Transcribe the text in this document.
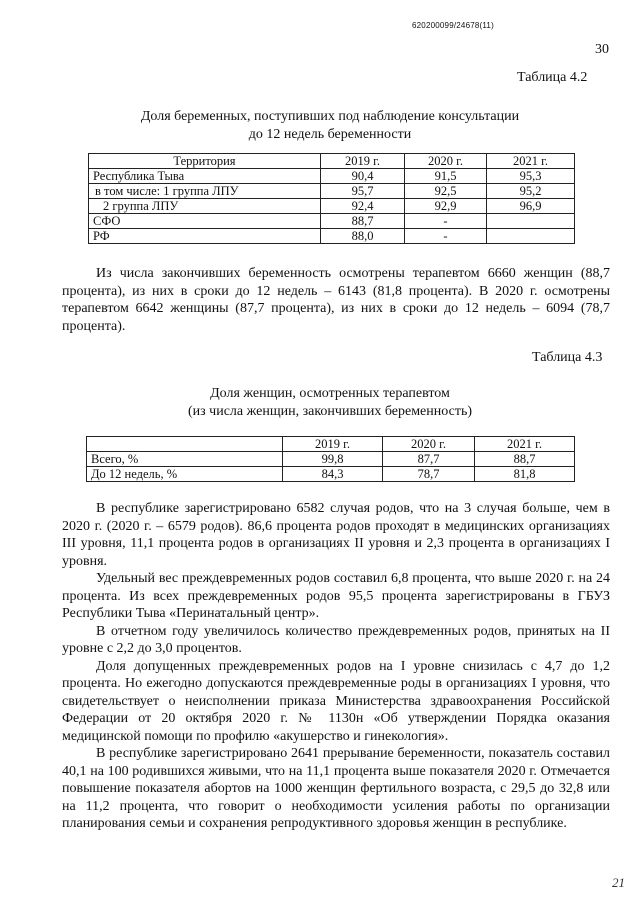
620200099/24678(11)
30
Таблица 4.2
Доля беременных, поступивших под наблюдение консультации
до 12 недель беременности
Территория	2019 г.	2020 г.	2021 г.
Республика Тыва	90,4	91,5	95,3
в том числе: 1 группа ЛПУ	95,7	92,5	95,2
2 группа ЛПУ	92,4	92,9	96,9
СФО	88,7	-	
РФ	88,0	-	

Из числа закончивших беременность осмотрены терапевтом 6660 женщин (88,7 процента), из них в сроки до 12 недель – 6143 (81,8 процента). В 2020 г. осмотрены терапевтом 6642 женщины (87,7 процента), из них в сроки до 12 недель – 6094 (78,7 процента).

Таблица 4.3
Доля женщин, осмотренных терапевтом
(из числа женщин, закончивших беременность)
	2019 г.	2020 г.	2021 г.
Всего, %	99,8	87,7	88,7
До 12 недель, %	84,3	78,7	81,8

В республике зарегистрировано 6582 случая родов, что на 3 случая больше, чем в 2020 г. (2020 г. – 6579 родов). 86,6 процента родов проходят в медицинских организациях III уровня, 11,1 процента родов в организациях II уровня и 2,3 процента в организациях I уровня.

Удельный вес преждевременных родов составил 6,8 процента, что выше 2020 г. на 24 процента. Из всех преждевременных родов 95,5 процента зарегистрированы в ГБУЗ Республики Тыва «Перинатальный центр».

В отчетном году увеличилось количество преждевременных родов, принятых на II уровне с 2,2 до 3,0 процентов.

Доля допущенных преждевременных родов на I уровне снизилась с 4,7 до 1,2 процента. Но ежегодно допускаются преждевременные роды в организациях I уровня, что свидетельствует о неисполнении приказа Министерства здравоохранения Российской Федерации от 20 октября 2020 г. № 1130н «Об утверждении Порядка оказания медицинской помощи по профилю «акушерство и гинекология».

В республике зарегистрировано 2641 прерывание беременности, показатель составил 40,1 на 100 родившихся живыми, что на 11,1 процента выше показателя 2020 г. Отмечается повышение показателя абортов на 1000 женщин фертильного возраста, с 29,5 до 32,8 или на 11,2 процента, что говорит о необходимости усиления работы по организации планирования семьи и сохранения репродуктивного здоровья женщин в республике.

21
